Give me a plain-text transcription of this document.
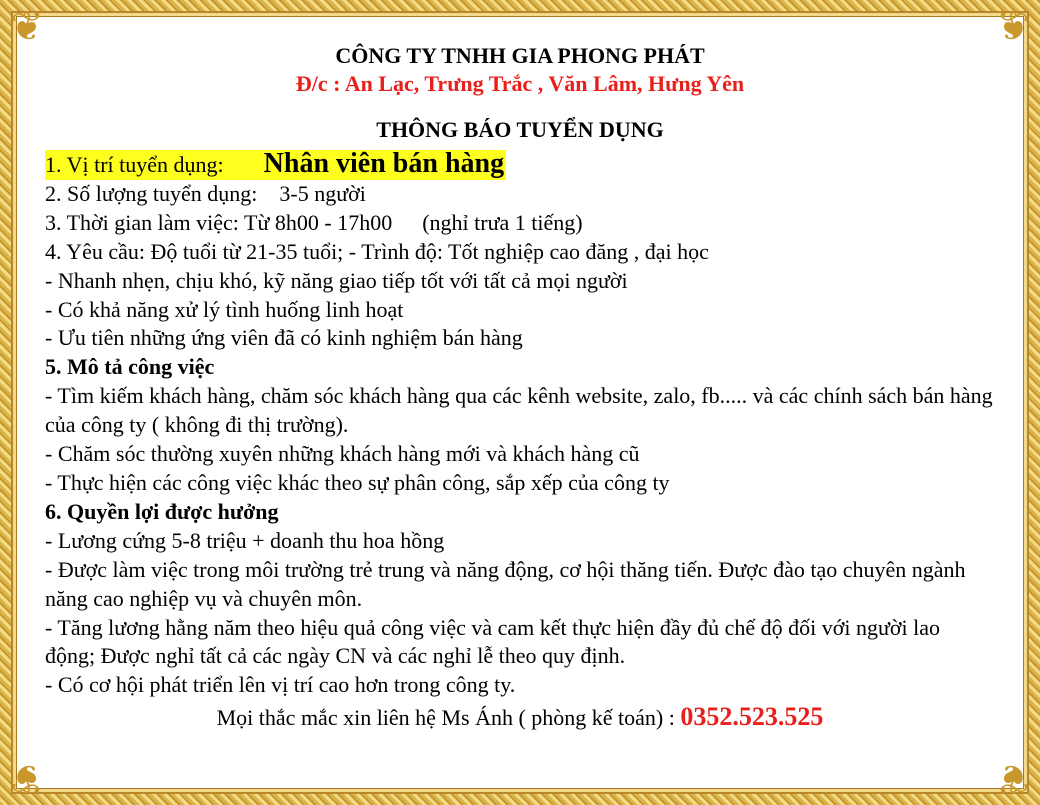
❦	❦
❦	❦
CÔNG TY TNHH GIA PHONG PHÁT
Đ/c : An Lạc, Trưng Trắc , Văn Lâm, Hưng Yên
THÔNG BÁO TUYỂN DỤNG
1. Vị trí tuyển dụng: Nhân viên bán hàng
2. Số lượng tuyển dụng: 3-5 người
3. Thời gian làm việc: Từ 8h00 - 17h00 (nghỉ trưa 1 tiếng)
4. Yêu cầu: Độ tuổi từ 21-35 tuổi; - Trình độ: Tốt nghiệp cao đăng , đại học
- Nhanh nhẹn, chịu khó, kỹ năng giao tiếp tốt với tất cả mọi người
- Có khả năng xử lý tình huống linh hoạt
- Ưu tiên những ứng viên đã có kinh nghiệm bán hàng
5. Mô tả công việc
- Tìm kiếm khách hàng, chăm sóc khách hàng qua các kênh website, zalo, fb..... và các chính sách bán hàng của công ty ( không đi thị trường).
- Chăm sóc thường xuyên những khách hàng mới và khách hàng cũ
- Thực hiện các công việc khác theo sự phân công, sắp xếp của công ty
6. Quyền lợi được hưởng
- Lương cứng 5-8 triệu + doanh thu hoa hồng
- Được làm việc trong môi trường trẻ trung và năng động, cơ hội thăng tiến. Được đào tạo chuyên ngành năng cao nghiệp vụ và chuyên môn.
- Tăng lương hằng năm theo hiệu quả công việc và cam kết thực hiện đầy đủ chế độ đối với người lao động; Được nghỉ tất cả các ngày CN và các nghỉ lễ theo quy định.
- Có cơ hội phát triển lên vị trí cao hơn trong công ty.
Mọi thắc mắc xin liên hệ Ms Ánh ( phòng kế toán) : 0352.523.525
